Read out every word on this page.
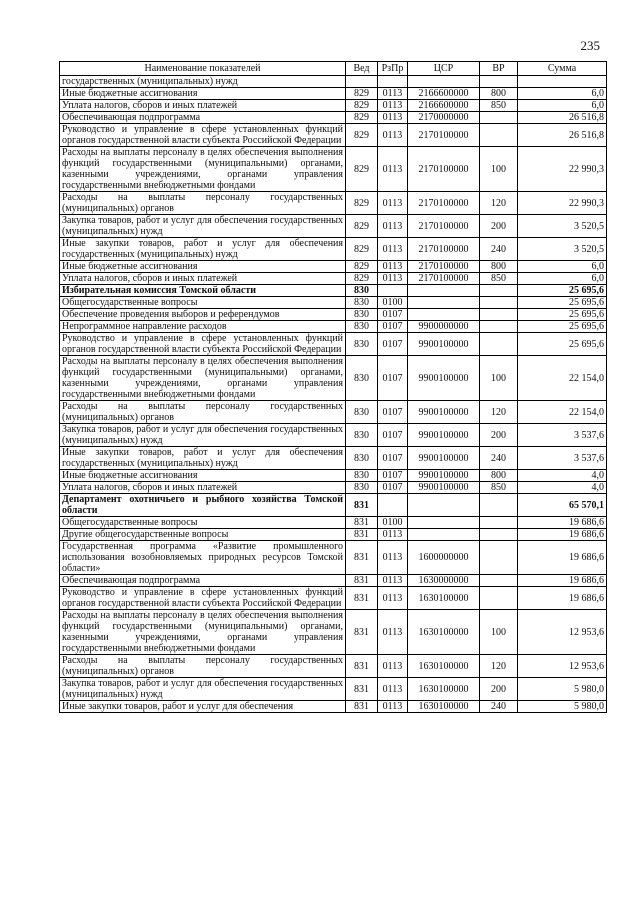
235
Наименование показателей	Вед	РзПр	ЦСР	ВР	Сумма
государственных (муниципальных) нужд					
Иные бюджетные ассигнования	829	0113	2166600000	800	6,0
Уплата налогов, сборов и иных платежей	829	0113	2166600000	850	6,0
Обеспечивающая подпрограмма	829	0113	2170000000		26 516,8
Руководство и управление в сфере установленных функций органов государственной власти субъекта Российской Федерации	829	0113	2170100000		26 516,8
Расходы на выплаты персоналу в целях обеспечения выполнения функций государственными (муниципальными) органами, казенными учреждениями, органами управления государственными внебюджетными фондами	829	0113	2170100000	100	22 990,3
Расходы на выплаты персоналу государственных (муниципальных) органов	829	0113	2170100000	120	22 990,3
Закупка товаров, работ и услуг для обеспечения государственных (муниципальных) нужд	829	0113	2170100000	200	3 520,5
Иные закупки товаров, работ и услуг для обеспечения государственных (муниципальных) нужд	829	0113	2170100000	240	3 520,5
Иные бюджетные ассигнования	829	0113	2170100000	800	6,0
Уплата налогов, сборов и иных платежей	829	0113	2170100000	850	6,0
Избирательная комиссия Томской области	830				25 695,6
Общегосударственные вопросы	830	0100			25 695,6
Обеспечение проведения выборов и референдумов	830	0107			25 695,6
Непрограммное направление расходов	830	0107	9900000000		25 695,6
Руководство и управление в сфере установленных функций органов государственной власти субъекта Российской Федерации	830	0107	9900100000		25 695,6
Расходы на выплаты персоналу в целях обеспечения выполнения функций государственными (муниципальными) органами, казенными учреждениями, органами управления государственными внебюджетными фондами	830	0107	9900100000	100	22 154,0
Расходы на выплаты персоналу государственных (муниципальных) органов	830	0107	9900100000	120	22 154,0
Закупка товаров, работ и услуг для обеспечения государственных (муниципальных) нужд	830	0107	9900100000	200	3 537,6
Иные закупки товаров, работ и услуг для обеспечения государственных (муниципальных) нужд	830	0107	9900100000	240	3 537,6
Иные бюджетные ассигнования	830	0107	9900100000	800	4,0
Уплата налогов, сборов и иных платежей	830	0107	9900100000	850	4,0
Департамент охотничьего и рыбного хозяйства Томской области	831				65 570,1
Общегосударственные вопросы	831	0100			19 686,6
Другие общегосударственные вопросы	831	0113			19 686,6
Государственная программа «Развитие промышленного использования возобновляемых природных ресурсов Томской области»	831	0113	1600000000		19 686,6
Обеспечивающая подпрограмма	831	0113	1630000000		19 686,6
Руководство и управление в сфере установленных функций органов государственной власти субъекта Российской Федерации	831	0113	1630100000		19 686,6
Расходы на выплаты персоналу в целях обеспечения выполнения функций государственными (муниципальными) органами, казенными учреждениями, органами управления государственными внебюджетными фондами	831	0113	1630100000	100	12 953,6
Расходы на выплаты персоналу государственных (муниципальных) органов	831	0113	1630100000	120	12 953,6
Закупка товаров, работ и услуг для обеспечения государственных (муниципальных) нужд	831	0113	1630100000	200	5 980,0
Иные закупки товаров, работ и услуг для обеспечения	831	0113	1630100000	240	5 980,0
